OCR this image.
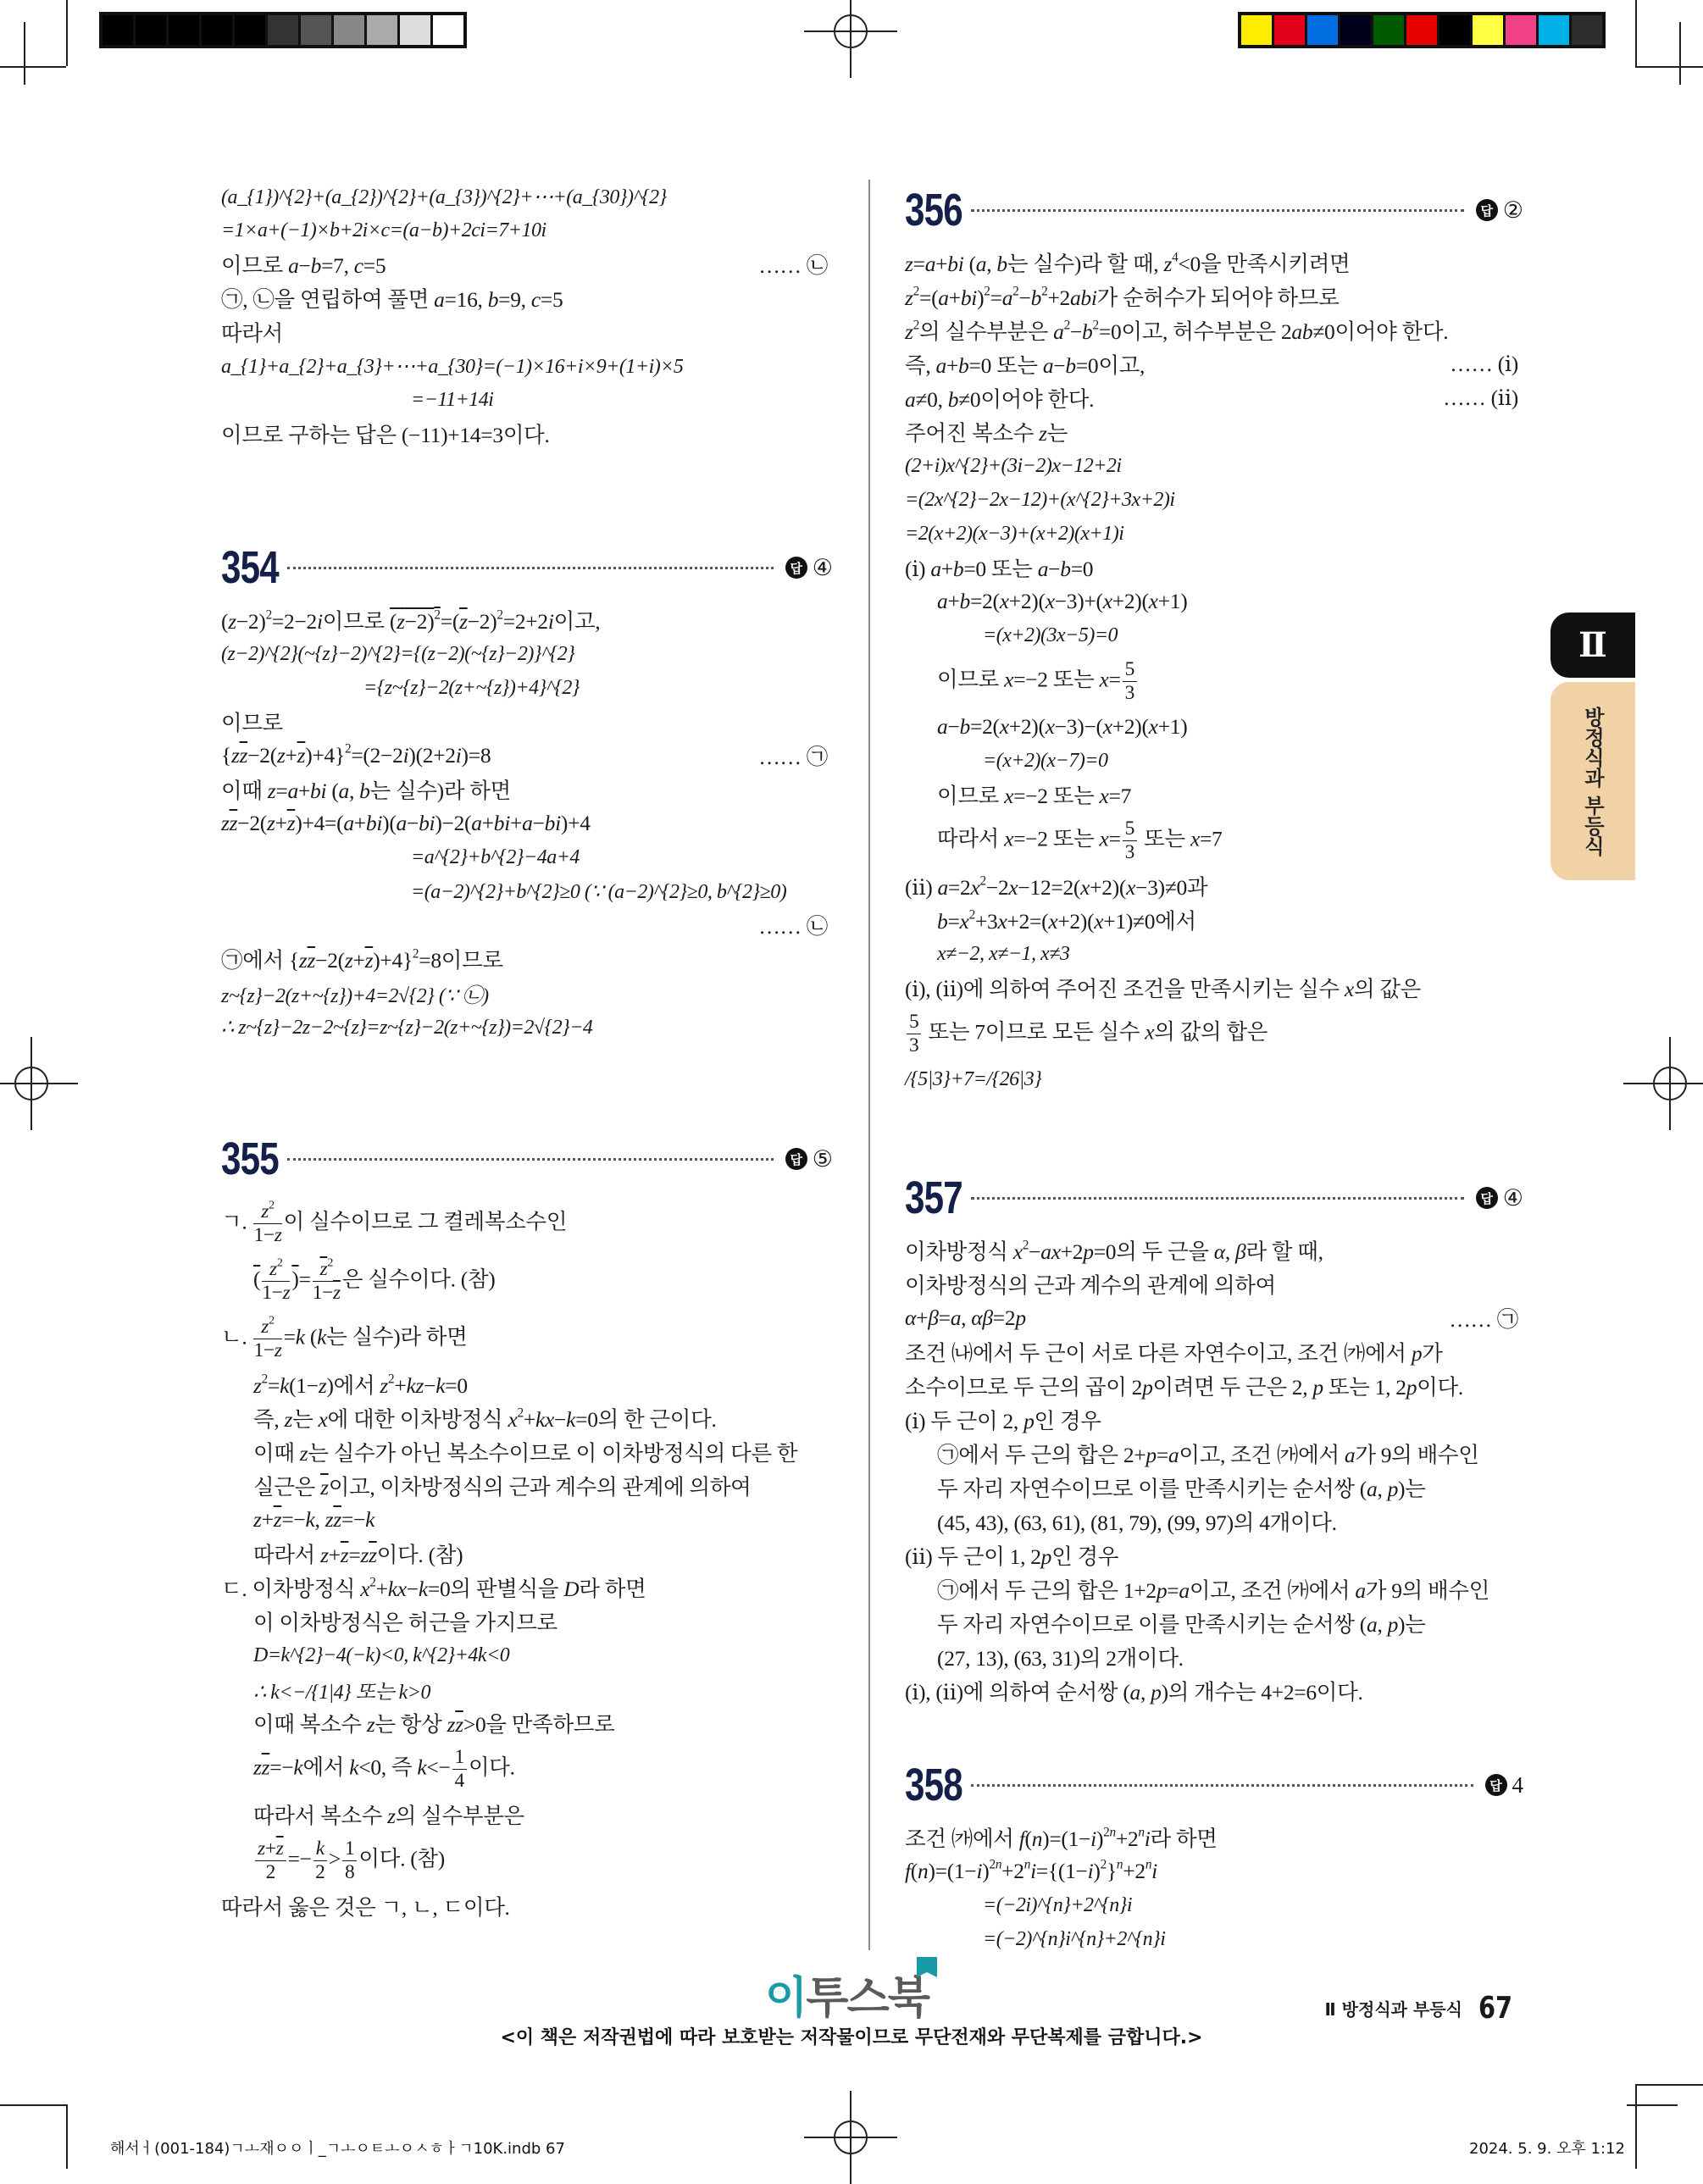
(a_{1})^{2}+(a_{2})^{2}+(a_{3})^{2}+⋯+(a_{30})^{2}
=1×a+(−1)×b+2i×c=(a−b)+2ci=7+10i
이므로 a−b=7, c=5	…… ㉡
㉠, ㉡을 연립하여 풀면 a=16, b=9, c=5
따라서
a_{1}+a_{2}+a_{3}+⋯+a_{30}=(−1)×16+i×9+(1+i)×5
=−11+14i
이므로 구하는 답은 (−11)+14=3이다.
354	답 ④
$(z-2)^2=2-2i$이므로 $(z-2)^2=(\overline{z}-2)^2=2+2i$이고,
(z−2)^{2}(~{z}−2)^{2}={(z−2)(~{z}−2)}^{2}
={z~{z}−2(z+~{z})+4}^{2}
이므로
$\{z\overline{z}-2(z+\overline{z})+4\}^2=(2-2i)(2+2i)=8$	…… ㉠
이때 z=a+bi (a, b는 실수)라 하면
$z\overline{z}-2(z+\overline{z})+4=(a+bi)(a-bi)-2(a+bi+a-bi)+4$
=a^{2}+b^{2}−4a+4
=(a−2)^{2}+b^{2}≥0 (∵ (a−2)^{2}≥0, b^{2}≥0)
…… ㉡
㉠에서 $\{z\overline{z}-2(z+\overline{z})+4\}^2=8$이므로
z~{z}−2(z+~{z})+4=2√{2} (∵ ㉡)
∴ z~{z}−2z−2~{z}=z~{z}−2(z+~{z})=2√{2}−4
355	답 ⑤
ㄱ. $\frac{z^2}{1-z}$ 이 실수이므로 그 켤레복소수인
( $\frac{z^2}{1-z}$ )= $\frac{\overline{z}^2}{1-\overline{z}}$ 은 실수이다. (참)
ㄴ. $\frac{z^2}{1-z} =k$ (k는 실수)라 하면
$z^2=k(1-z)$에서 $z^2+kz-k=0$
즉, z는 x에 대한 이차방정식 $x^2+kx-k=0$의 한 근이다.
이때 z는 실수가 아닌 복소수이므로 이 이차방정식의 다른 한
실근은 $\overline{z}$이고, 이차방정식의 근과 계수의 관계에 의하여
$z+\overline{z}=-k$, $z\overline{z}=-k$
따라서 $z+\overline{z}=z\overline{z}$이다. (참)
ㄷ. 이차방정식 $x^2+kx-k=0$의 판별식을 D라 하면
이 이차방정식은 허근을 가지므로
D=k^{2}−4(−k)<0, k^{2}+4k<0
∴ k<−/{1|4} 또는 k>0
이때 복소수 z는 항상 $z\overline{z}>0$을 만족하므로
$z\overline{z}=-k$에서 k<0, 즉 $k<- \frac{1}{4}$ 이다.
따라서 복소수 z의 실수부분은
$\frac{z+\overline{z}}{2} =- \frac{k}{2} > \frac{1}{8}$ 이다. (참)
따라서 옳은 것은 ㄱ, ㄴ, ㄷ이다.
356	답 ②
z=a+bi (a, b는 실수)라 할 때, $z^4<0$을 만족시키려면
$z^2=(a+bi)^2=a^2-b^2+2abi$가 순허수가 되어야 하므로
$z^2$의 실수부분은 $a^2-b^2=0$이고, 허수부분은 2ab≠0이어야 한다.
즉, a+b=0 또는 a−b=0이고,	…… (ⅰ)
a≠0, b≠0이어야 한다.	…… (ⅱ)
주어진 복소수 z는
(2+i)x^{2}+(3i−2)x−12+2i
=(2x^{2}−2x−12)+(x^{2}+3x+2)i
=2(x+2)(x−3)+(x+2)(x+1)i
(ⅰ) a+b=0 또는 a−b=0
a+b=2(x+2)(x−3)+(x+2)(x+1)
=(x+2)(3x−5)=0
이므로 x=−2 또는 $x= \frac{5}{3}$
a−b=2(x+2)(x−3)−(x+2)(x+1)
=(x+2)(x−7)=0
이므로 x=−2 또는 x=7
따라서 x=−2 또는 $x= \frac{5}{3}$ 또는 x=7
(ⅱ) $a=2x^2-2x-12=2(x+2)(x-3)\ne 0$과
$b=x^2+3x+2=(x+2)(x+1)\ne 0$에서
x≠−2, x≠−1, x≠3
(ⅰ), (ⅱ)에 의하여 주어진 조건을 만족시키는 실수 x의 값은
$\frac{5}{3}$ 또는 7이므로 모든 실수 x의 값의 합은
/{5|3}+7=/{26|3}
357	답 ④
이차방정식 $x^2-ax+2p=0$의 두 근을 α, β라 할 때,
이차방정식의 근과 계수의 관계에 의하여
α+β=a, αβ=2p	…… ㉠
조건 ㈏에서 두 근이 서로 다른 자연수이고, 조건 ㈎에서 p가
소수이므로 두 근의 곱이 2p이려면 두 근은 2, p 또는 1, 2p이다.
(ⅰ) 두 근이 2, p인 경우
㉠에서 두 근의 합은 2+p=a이고, 조건 ㈎에서 a가 9의 배수인
두 자리 자연수이므로 이를 만족시키는 순서쌍 (a, p)는
(45, 43), (63, 61), (81, 79), (99, 97)의 4개이다.
(ⅱ) 두 근이 1, 2p인 경우
㉠에서 두 근의 합은 1+2p=a이고, 조건 ㈎에서 a가 9의 배수인
두 자리 자연수이므로 이를 만족시키는 순서쌍 (a, p)는
(27, 13), (63, 31)의 2개이다.
(ⅰ), (ⅱ)에 의하여 순서쌍 (a, p)의 개수는 4+2=6이다.
358	답 4
조건 ㈎에서 $f(n)=(1-i)^{2n}+2^ni$라 하면
$f(n)=(1-i)^{2n}+2^ni=\{(1-i)^2\}^n+2^ni$
=(−2i)^{n}+2^{n}i
=(−2)^{n}i^{n}+2^{n}i
Ⅱ
방정식과 부등식
이투스북
<이 책은 저작권법에 따라 보호받는 저작물이므로 무단전재와 무단복제를 금합니다.>
Ⅱ 방정식과 부등식 67
해서ㅓ(001-184)ㄱㅗ재ㅇㅇㅣ_ㄱㅗㅇㅌㅗㅇㅅㅎㅏㄱ10K.indb 67	2024. 5. 9. 오후 1:12
